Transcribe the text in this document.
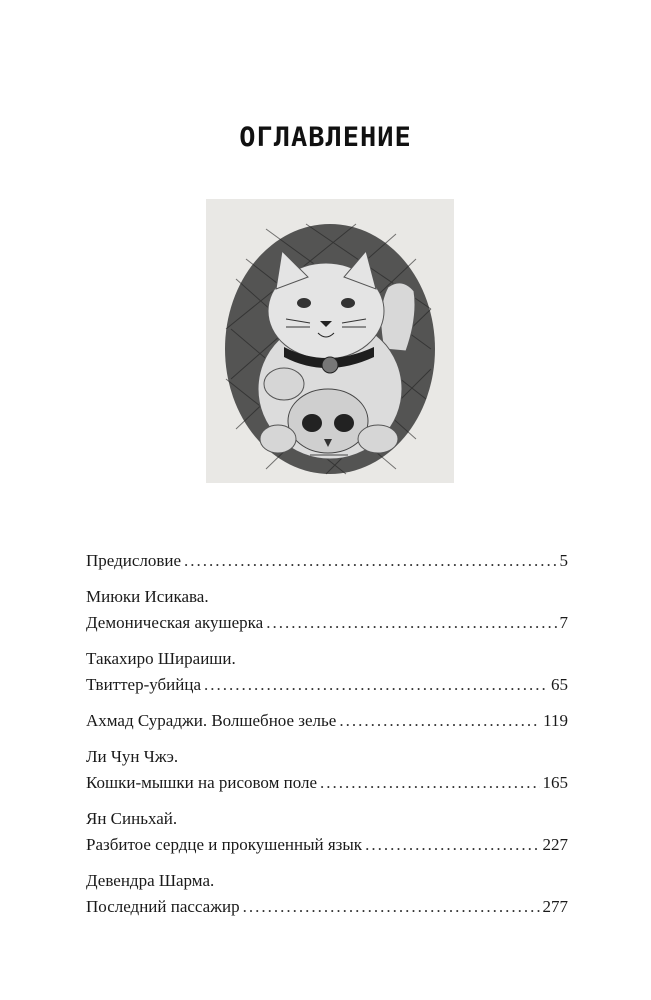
ОГЛАВЛЕНИЕ
Предисловие .....	5
Миюки Исикава.
Демоническая акушерка .....	7
Такахиро Шираиши.
Твиттер-убийца .....	65
Ахмад Сураджи. Волшебное зелье .....	119
Ли Чун Чжэ.
Кошки-мышки на рисовом поле .....	165
Ян Синьхай.
Разбитое сердце и прокушенный язык .....	227
Девендра Шарма.
Последний пассажир .....	277
